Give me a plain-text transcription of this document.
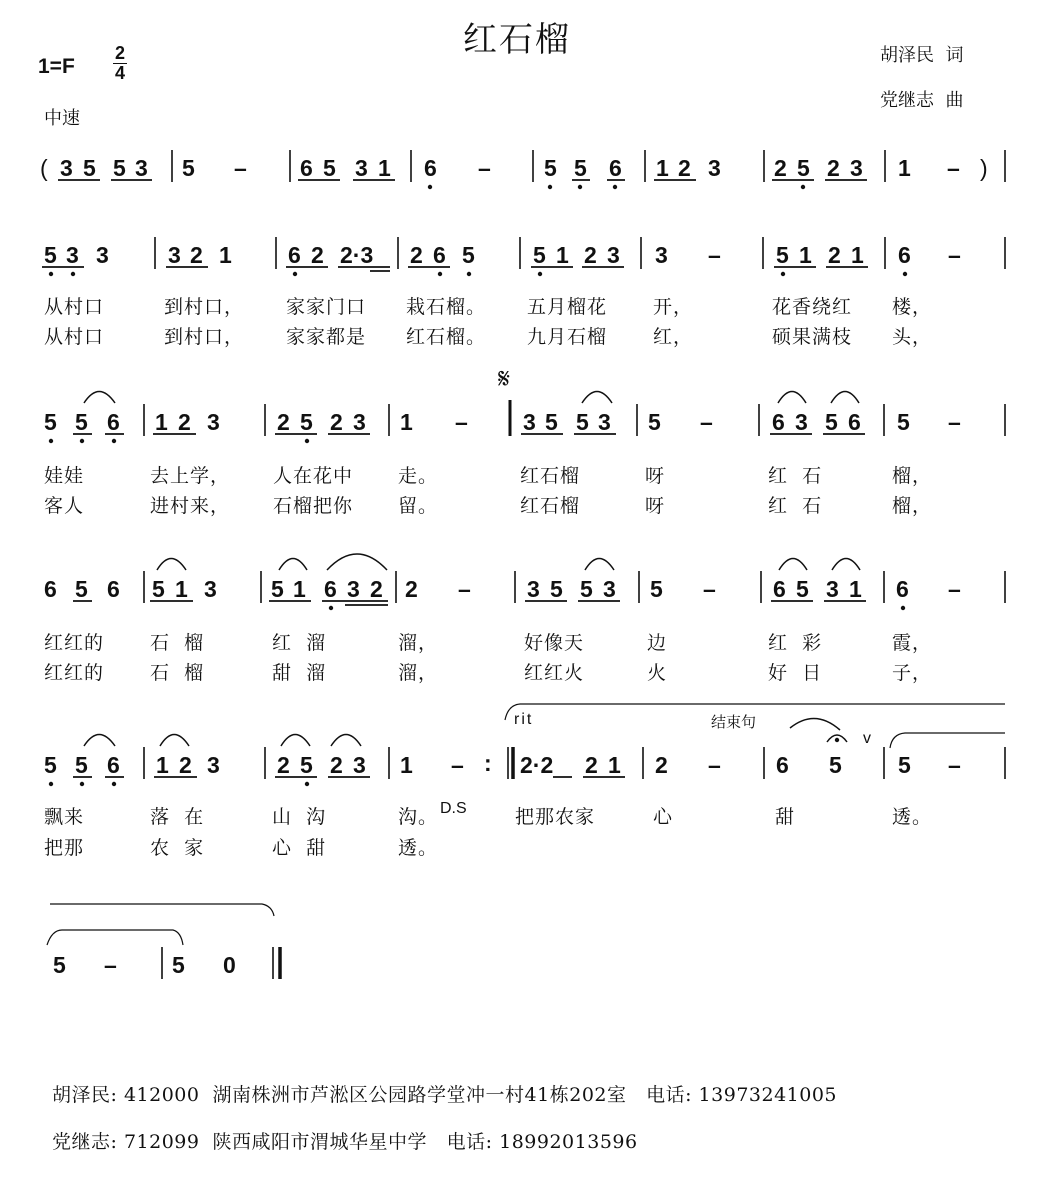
红石榴	胡泽民  词
党继志  曲
$1=F \frac{2}{4}$
中速
( 3 5 5 3 5 – 6 5 3 1 6 – 5 5 6 1 2 3 2 5 2 3 1 – )
5 3 3	3 2 1 6 2 2·3 2 6 5	5 1 2 3 3 – 5 1 2 1 6 –
从村口	到村口， 家家门口 栽石榴。 五月榴花 开，	花香绕红 楼，
从村口	到村口， 家家都是 红石榴。 九月石榴 红，	硕果满枝 头，
𝄋
5 5 6 1 2 3 2 5 2 3 1 – 3 5 5 3 5 –	6 3 5 6 5 –
娃娃	去上学， 人在花中 走。	红石榴	呀	红  石	榴，
客人	进村来， 石榴把你 留。	红石榴	呀	红  石	榴，
6 5 6 5 1 3 5 1 6 3 2 2 – 3 5 5 3 5 – 6 5 3 1 6 –
红红的 石  榴	红  溜	溜，	好像天	边	红  彩	霞，
红红的 石  榴	甜  溜	溜，	红红火	火	好  日	子，
rit	结束句
v
5 5 6 1 2 3 2 5 2 3 1 – : 2·2 2 1 2 – 6 5 5 –
飘来	落  在	山  沟	沟。 D.S	把那农家	心	甜	透。
把那	农  家	心  甜	透。
5 – 5 0
胡泽民: 412000  湖南株洲市芦淞区公园路学堂冲一村41栋202室   电话: 13973241005
党继志: 712099  陕西咸阳市渭城华星中学   电话: 18992013596
